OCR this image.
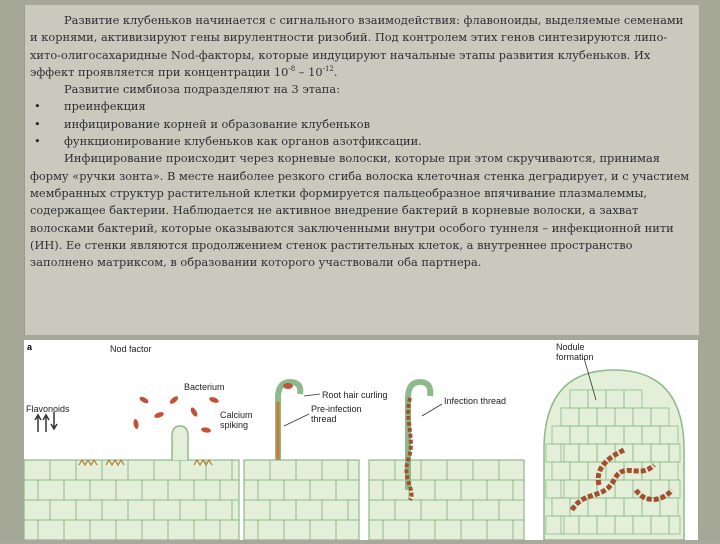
Развитие клубеньков начинается с сигнального взаимодействия: флавоноиды, выделяемые семенами и корнями, активизируют гены вирулентности ризобий. Под контролем этих генов синтезируются липо-хито-олигосахаридные Nod-факторы, которые индуцируют начальные этапы развития клубеньков. Их эффект проявляется при концентрации $10^{-8} - 10^{-12}$.

Развитие симбиоза подразделяют на 3 этапа:

• преинфекция

• инфицирование корней и образование клубеньков

• функционирование клубеньков как органов азотфиксации.

Инфицирование происходит через корневые волоски, которые при этом скручиваются, принимая форму «ручки зонта». В месте наиболее резкого сгиба волоска клеточная стенка деградирует, и с участием мембранных структур растительной клетки формируется пальцеобразное впячивание плазмалеммы, содержащее бактерии. Наблюдается не активное внедрение бактерий в корневые волоски, а захват волосками бактерий, которые оказываются заключенными внутри особого туннеля – инфекционной нити (ИН). Ее стенки являются продолжением стенок растительных клеток, а внутреннее пространство заполнено матриксом, в образовании которого участвовали оба партнера.

a	Nod factor
Flavonoids
Bacterium
Calcium
spiking
Root hair curling
Pre-infection
thread
Infection thread
Nodule
formation
